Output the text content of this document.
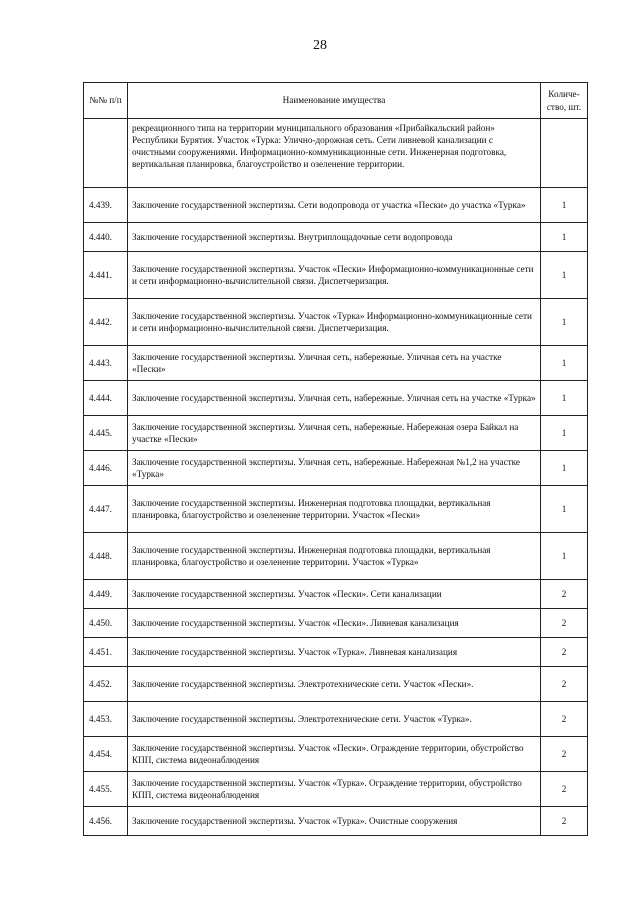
28
№№ п/п	Наименование имущества	Количе-ство, шт.
	рекреационного типа на территории муниципального образования «Прибайкальский район» Республики Бурятия. Участок «Турка: Улично-дорожная сеть. Сети ливневой канализации с очистными сооружениями. Информационно-коммуникационные сети. Инженерная подготовка, вертикальная планировка, благоустройство и озеленение территории.	
4.439.	Заключение государственной экспертизы. Сети водопровода от участка «Пески» до участка «Турка»	1
4.440.	Заключение государственной экспертизы. Внутриплощадочные сети водопровода	1
4.441.	Заключение государственной экспертизы. Участок «Пески» Информационно-коммуникационные сети и сети информационно-вычислительной связи. Диспетчеризация.	1
4.442.	Заключение государственной экспертизы. Участок «Турка» Информационно-коммуникационные сети и сети информационно-вычислительной связи. Диспетчеризация.	1
4.443.	Заключение государственной экспертизы. Уличная сеть, набережные. Уличная сеть на участке «Пески»	1
4.444.	Заключение государственной экспертизы. Уличная сеть, набережные. Уличная сеть на участке «Турка»	1
4.445.	Заключение государственной экспертизы. Уличная сеть, набережные. Набережная озера Байкал на участке «Пески»	1
4.446.	Заключение государственной экспертизы. Уличная сеть, набережные. Набережная №1,2 на участке «Турка»	1
4.447.	Заключение государственной экспертизы. Инженерная подготовка площадки, вертикальная планировка, благоустройство и озеленение территории. Участок «Пески»	1
4.448.	Заключение государственной экспертизы. Инженерная подготовка площадки, вертикальная планировка, благоустройство и озеленение территории. Участок «Турка»	1
4.449.	Заключение государственной экспертизы. Участок «Пески». Сети канализации	2
4.450.	Заключение государственной экспертизы. Участок «Пески». Ливневая канализация	2
4.451.	Заключение государственной экспертизы. Участок «Турка». Ливневая канализация	2
4.452.	Заключение государственной экспертизы. Электротехнические сети. Участок «Пески».	2
4.453.	Заключение государственной экспертизы. Электротехнические сети. Участок «Турка».	2
4.454.	Заключение государственной экспертизы. Участок «Пески». Ограждение территории, обустройство КПП, система видеонаблюдения	2
4.455.	Заключение государственной экспертизы. Участок «Турка». Ограждение территории, обустройство КПП, система видеонаблюдения	2
4.456.	Заключение государственной экспертизы. Участок «Турка». Очистные сооружения	2
